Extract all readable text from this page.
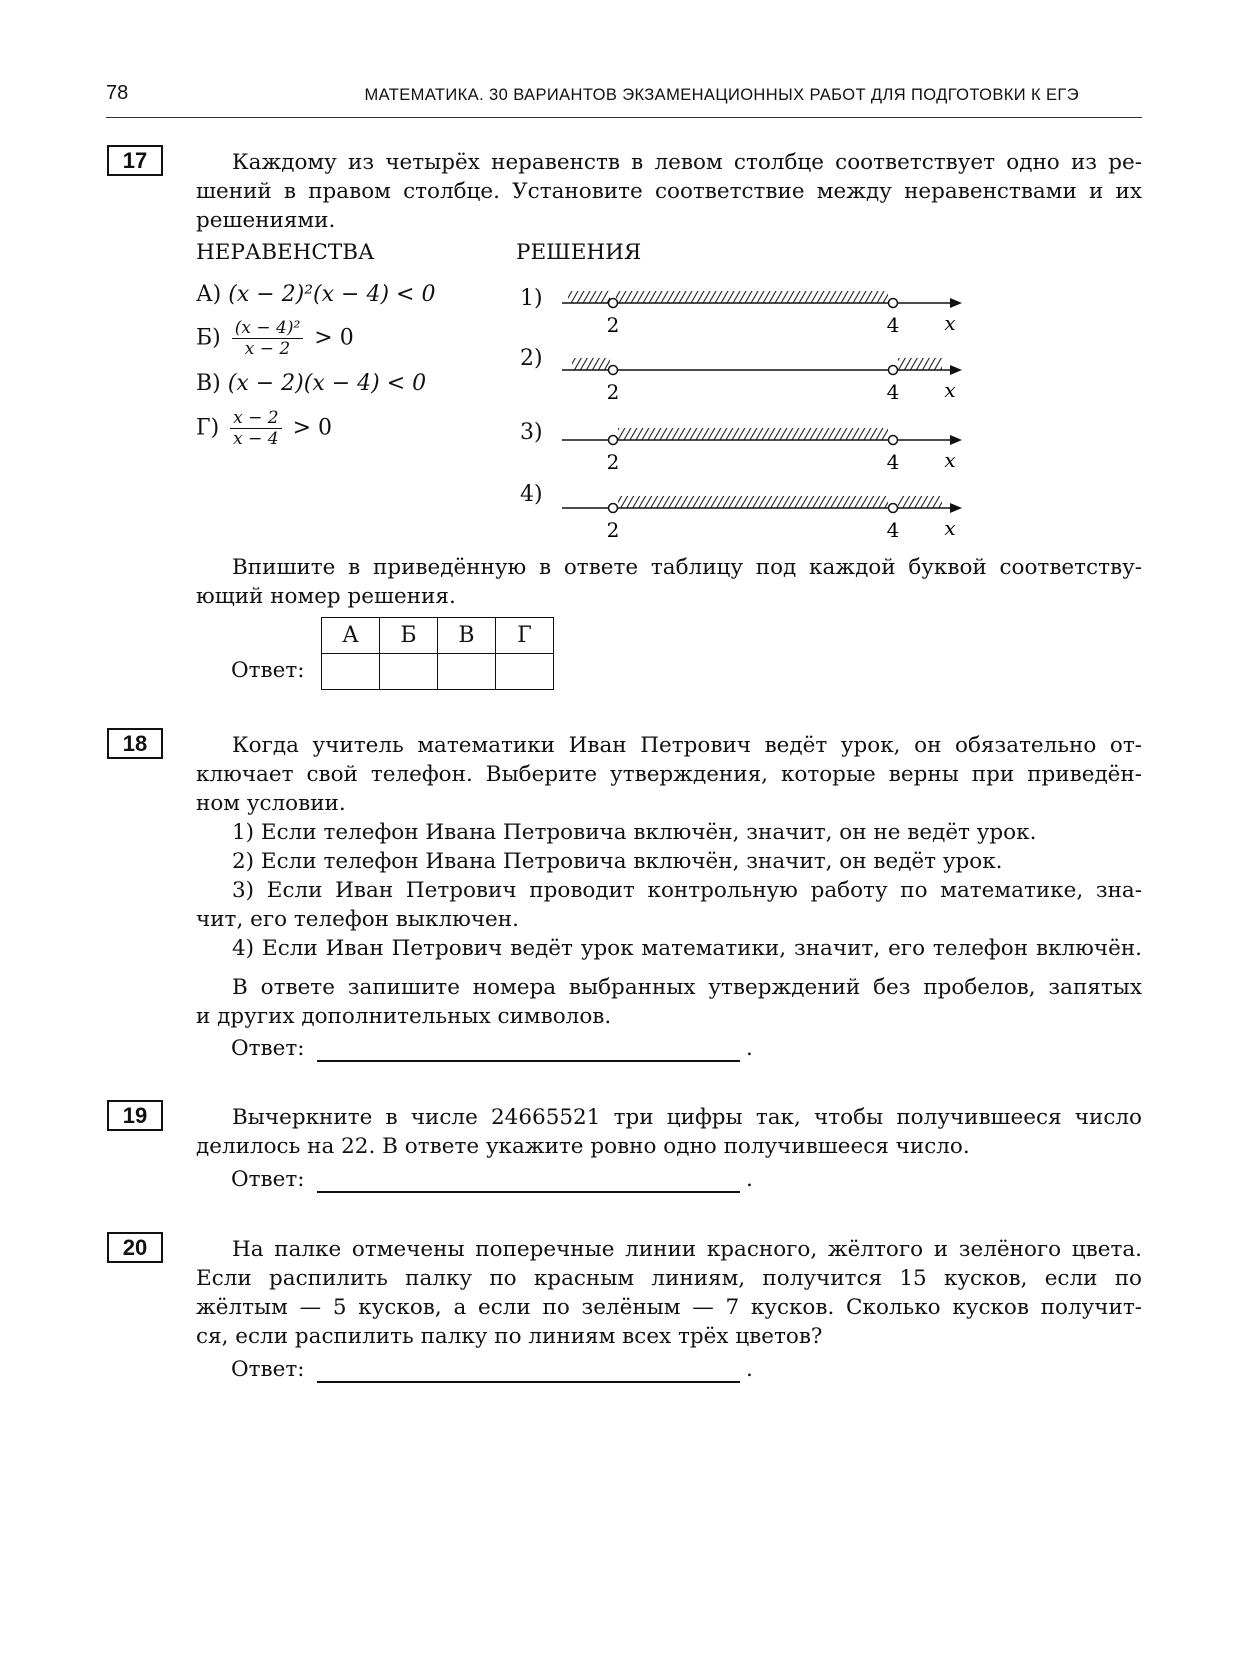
78	МАТЕМАТИКА. 30 ВАРИАНТОВ ЭКЗАМЕНАЦИОННЫХ РАБОТ ДЛЯ ПОДГОТОВКИ К ЕГЭ
17	Каждому из четырёх неравенств в левом столбце соответствует одно из ре-
шений в правом столбце. Установите соответствие между неравенствами и их
решениями.
НЕРАВЕНСТВА	РЕШЕНИЯ
А) (x − 2)²(x − 4) < 0
$Б) \frac{\text{(x − 4)²}}{x - 2} > 0$
В) (x − 2)(x − 4) < 0
$Г) \frac{x - 2}{x - 4} > 0$
1)
2)
3)
4)
2	4 x
2	4 x
2	4 x
2	4 x
Впишите в приведённую в ответе таблицу под каждой буквой соответству-
ющий номер решения.
Ответ:
А	Б	В	Г

18	Когда учитель математики Иван Петрович ведёт урок, он обязательно от-
ключает свой телефон. Выберите утверждения, которые верны при приведён-
ном условии.
1) Если телефон Ивана Петровича включён, значит, он не ведёт урок.
2) Если телефон Ивана Петровича включён, значит, он ведёт урок.
3) Если Иван Петрович проводит контрольную работу по математике, зна-
чит, его телефон выключен.
4) Если Иван Петрович ведёт урок математики, значит, его телефон включён.
В ответе запишите номера выбранных утверждений без пробелов, запятых
и других дополнительных символов.
Ответ:	.
19	Вычеркните в числе 24665521 три цифры так, чтобы получившееся число
делилось на 22. В ответе укажите ровно одно получившееся число.
Ответ:	.
20	На палке отмечены поперечные линии красного, жёлтого и зелёного цвета.
Если распилить палку по красным линиям, получится 15 кусков, если по
жёлтым — 5 кусков, а если по зелёным — 7 кусков. Сколько кусков получит-
ся, если распилить палку по линиям всех трёх цветов?
Ответ:	.
